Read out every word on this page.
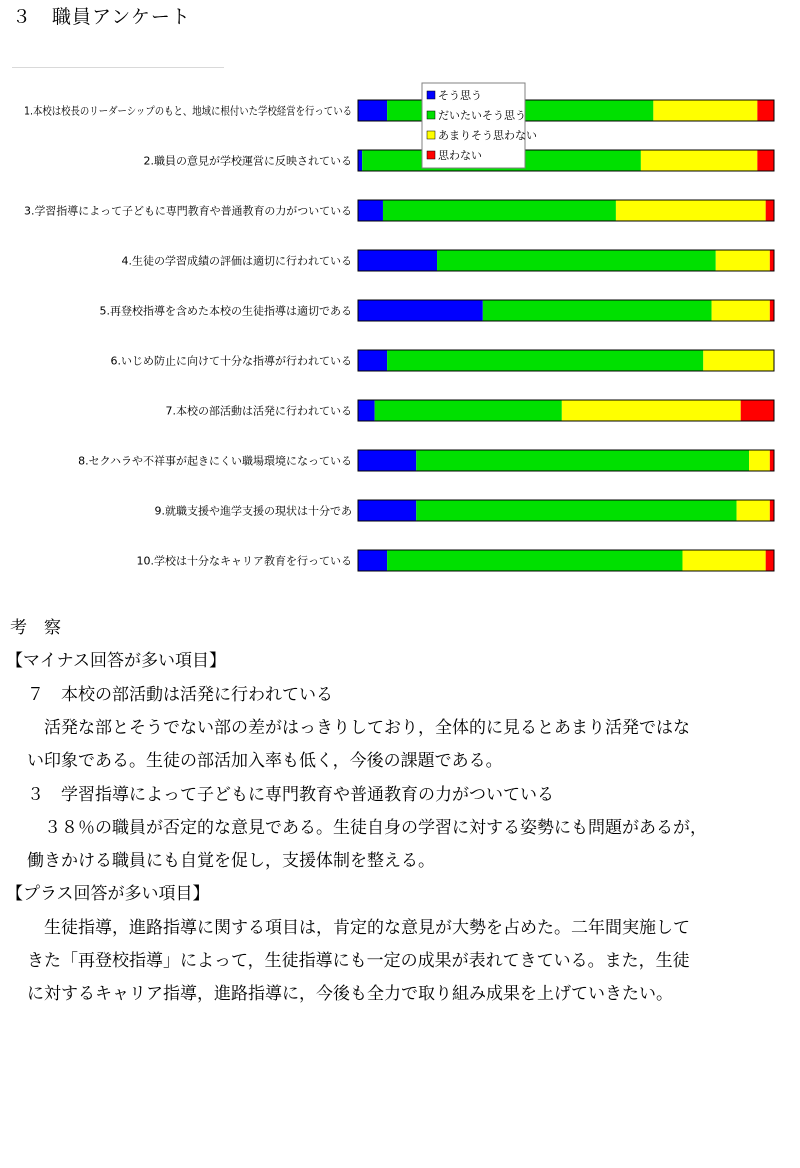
３　職員アンケート
1.本校は校長のリーダーシップのもと、地域に根付いた学校経営を行っている
2.職員の意見が学校運営に反映されている
3.学習指導によって子どもに専門教育や普通教育の力がついている
4.生徒の学習成績の評価は適切に行われている
5.再登校指導を含めた本校の生徒指導は適切である
6.いじめ防止に向けて十分な指導が行われている
7.本校の部活動は活発に行われている
8.セクハラや不祥事が起きにくい職場環境になっている
9.就職支援や進学支援の現状は十分であ
10.学校は十分なキャリア教育を行っている
そう思う
だいたいそう思う
あまりそう思わない
思わない
考　察
【マイナス回答が多い項目】
　７　本校の部活動は活発に行われている
　　活発な部とそうでない部の差がはっきりしており，全体的に見るとあまり活発ではな
　い印象である。生徒の部活加入率も低く，今後の課題である。
　３　学習指導によって子どもに専門教育や普通教育の力がついている
　　３８％の職員が否定的な意見である。生徒自身の学習に対する姿勢にも問題があるが，
　働きかける職員にも自覚を促し，支援体制を整える。
【プラス回答が多い項目】
　　生徒指導，進路指導に関する項目は，肯定的な意見が大勢を占めた。二年間実施して
　きた「再登校指導」によって，生徒指導にも一定の成果が表れてきている。また，生徒
　に対するキャリア指導，進路指導に，今後も全力で取り組み成果を上げていきたい。
